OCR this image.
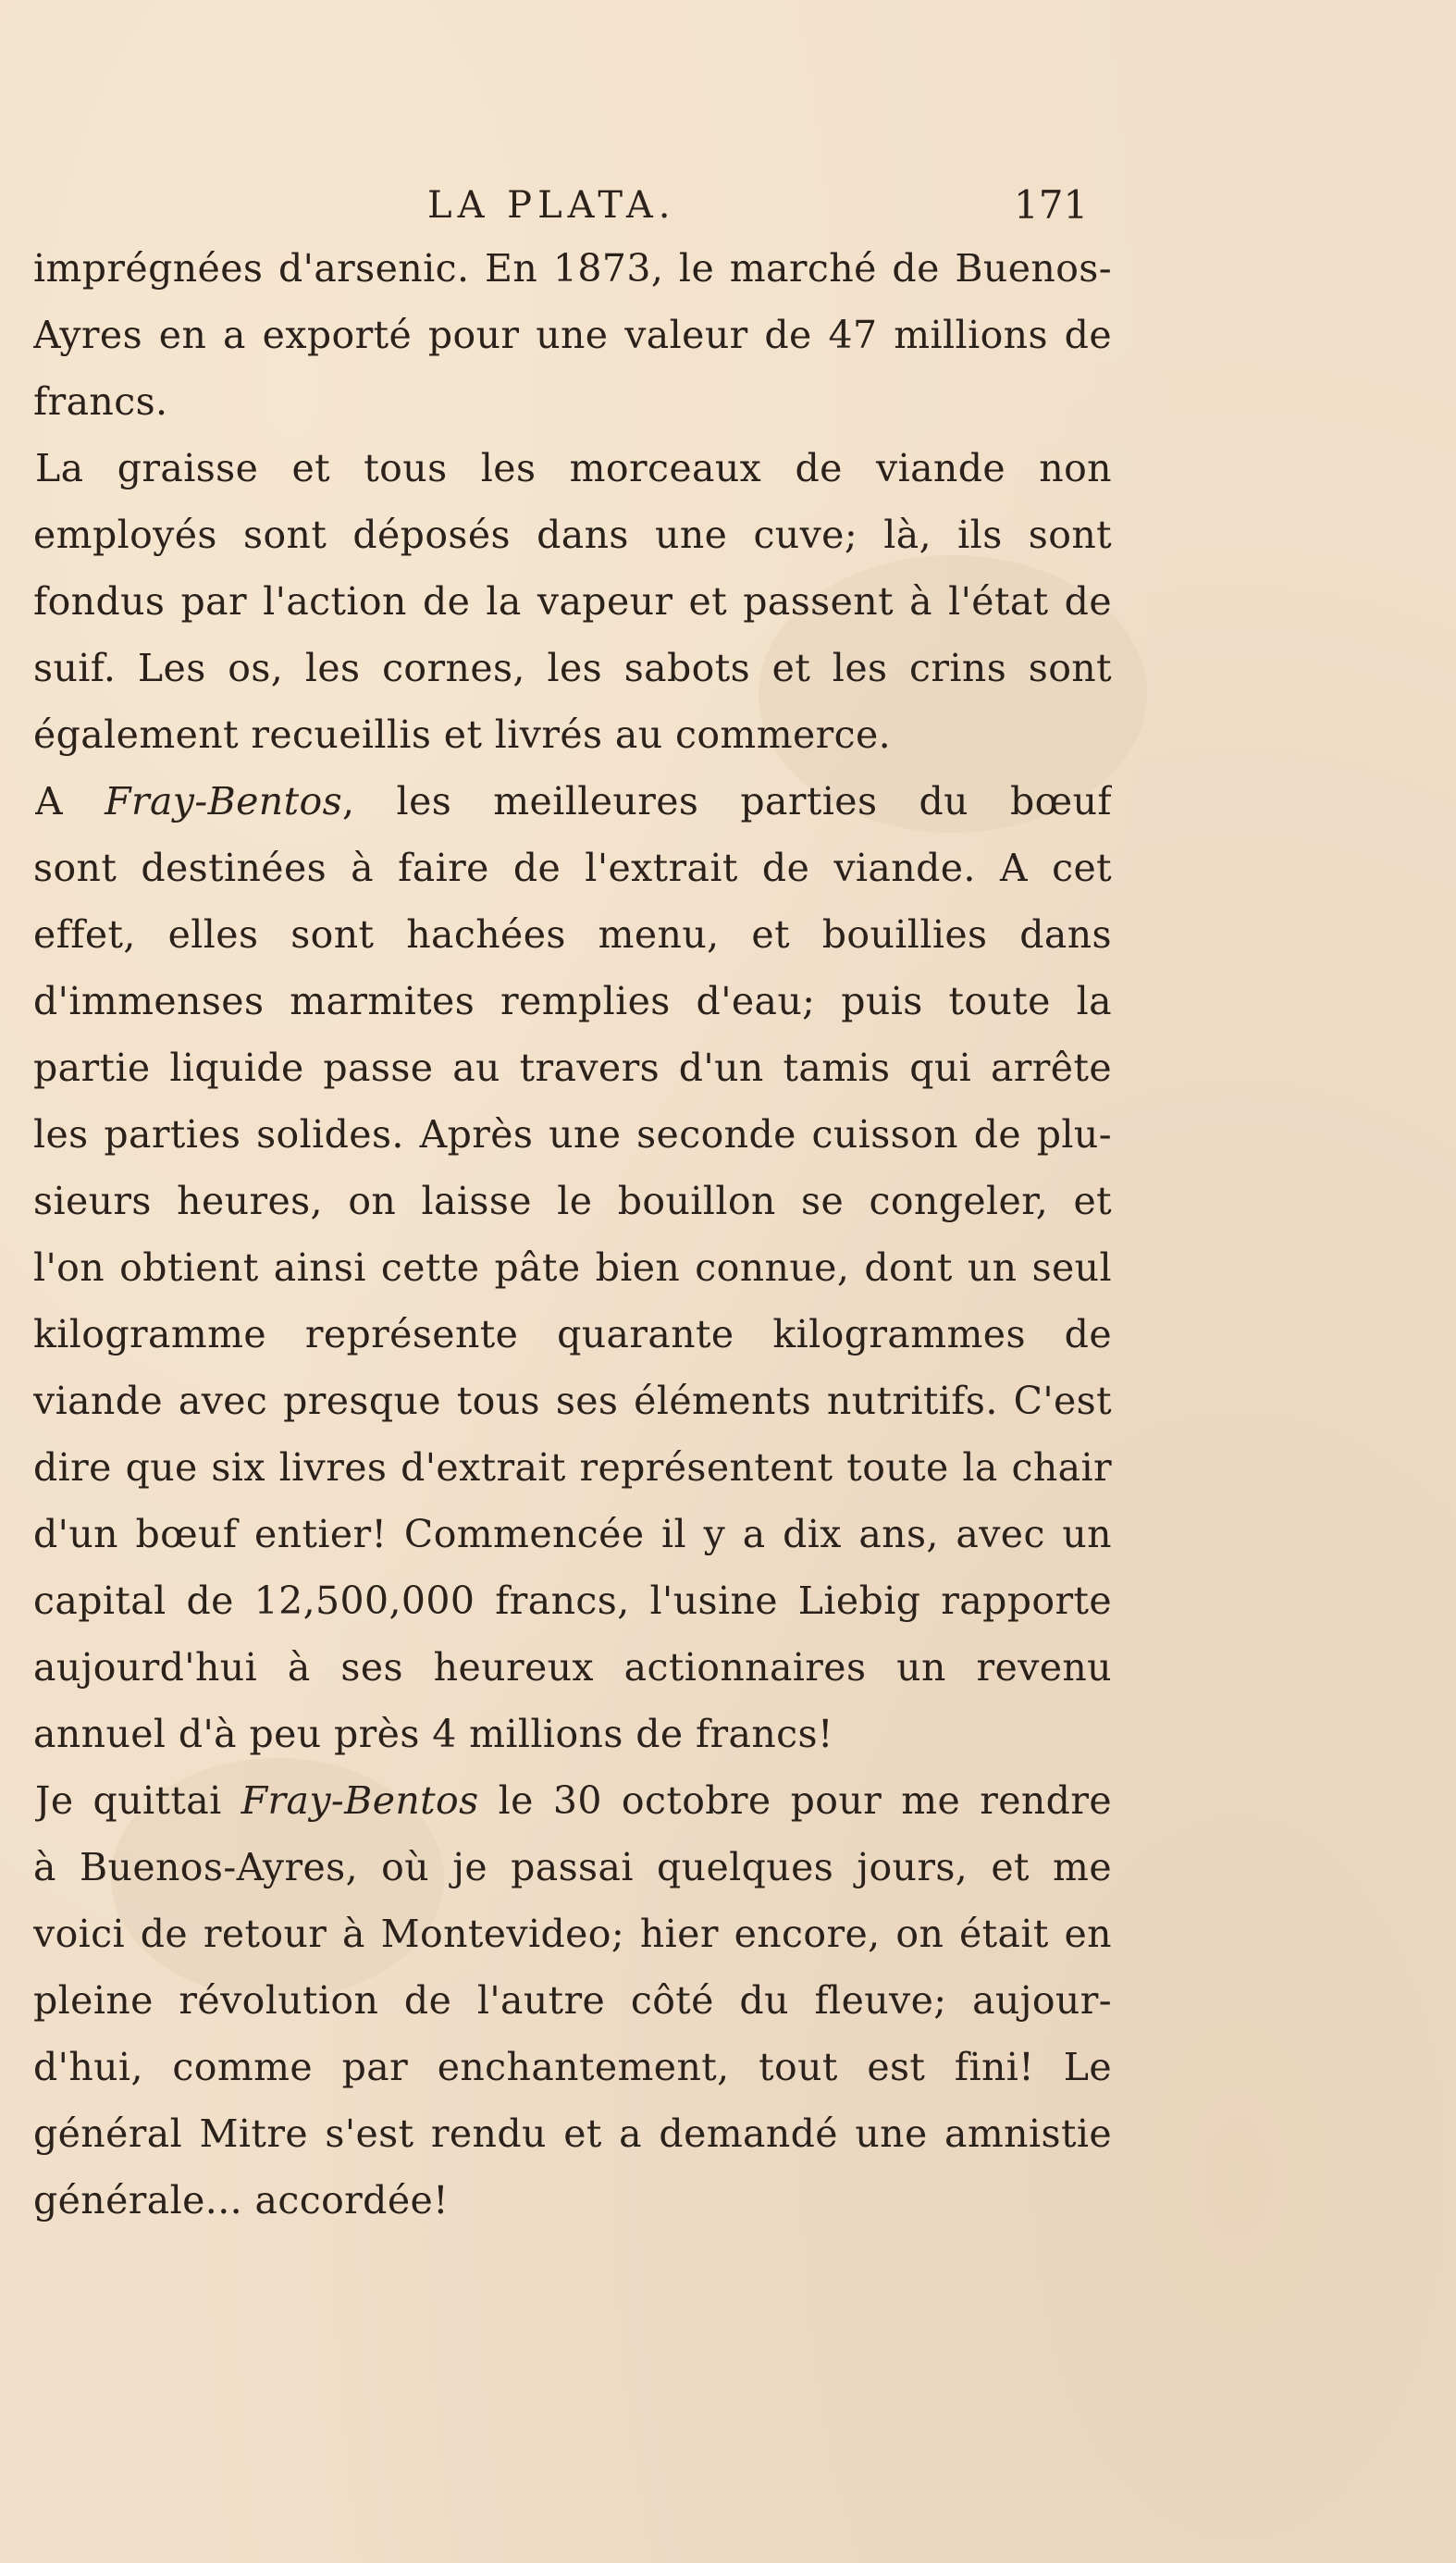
LA PLATA.	171
imprégnées d'arsenic. En 1873, le marché de Buenos-
Ayres en a exporté pour une valeur de 47 millions de
francs.
La graisse et tous les morceaux de viande non
employés sont déposés dans une cuve; là, ils sont
fondus par l'action de la vapeur et passent à l'état de
suif. Les os, les cornes, les sabots et les crins sont
également recueillis et livrés au commerce.
A Fray-Bentos, les meilleures parties du bœuf
sont destinées à faire de l'extrait de viande. A cet
effet, elles sont hachées menu, et bouillies dans
d'immenses marmites remplies d'eau; puis toute la
partie liquide passe au travers d'un tamis qui arrête
les parties solides. Après une seconde cuisson de plu-
sieurs heures, on laisse le bouillon se congeler, et
l'on obtient ainsi cette pâte bien connue, dont un seul
kilogramme représente quarante kilogrammes de
viande avec presque tous ses éléments nutritifs. C'est
dire que six livres d'extrait représentent toute la chair
d'un bœuf entier! Commencée il y a dix ans, avec un
capital de 12,500,000 francs, l'usine Liebig rapporte
aujourd'hui à ses heureux actionnaires un revenu
annuel d'à peu près 4 millions de francs!
Je quittai Fray-Bentos le 30 octobre pour me rendre
à Buenos-Ayres, où je passai quelques jours, et me
voici de retour à Montevideo; hier encore, on était en
pleine révolution de l'autre côté du fleuve; aujour-
d'hui, comme par enchantement, tout est fini! Le
général Mitre s'est rendu et a demandé une amnistie
générale... accordée!
